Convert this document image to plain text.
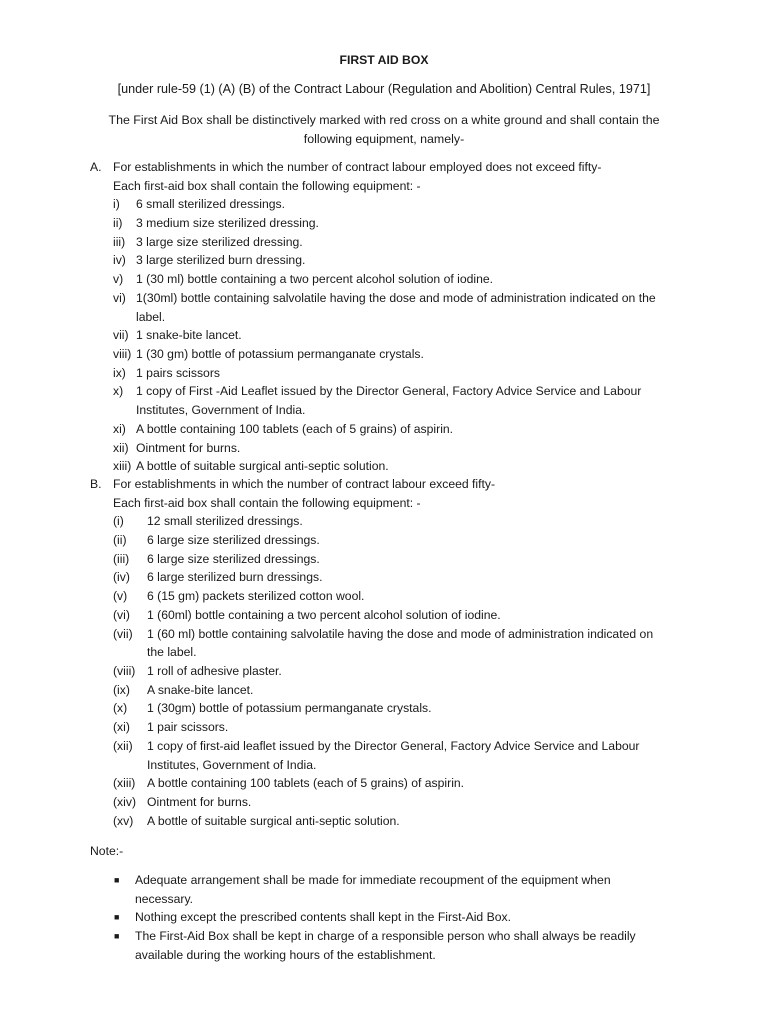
FIRST AID BOX
[under rule-59 (1) (A) (B) of the Contract Labour (Regulation and Abolition) Central Rules, 1971]
The First Aid Box shall be distinctively marked with red cross on a white ground and shall contain the following equipment, namely-
A. For establishments in which the number of contract labour employed does not exceed fifty-
Each first-aid box shall contain the following equipment: -
i) 6 small sterilized dressings.
ii) 3 medium size sterilized dressing.
iii) 3 large size sterilized dressing.
iv) 3 large sterilized burn dressing.
v) 1 (30 ml) bottle containing a two percent alcohol solution of iodine.
vi) 1(30ml) bottle containing salvolatile having the dose and mode of administration indicated on the label.
vii) 1 snake-bite lancet.
viii) 1 (30 gm) bottle of potassium permanganate crystals.
ix) 1 pairs scissors
x) 1 copy of First -Aid Leaflet issued by the Director General, Factory Advice Service and Labour Institutes, Government of India.
xi) A bottle containing 100 tablets (each of 5 grains) of aspirin.
xii) Ointment for burns.
xiii) A bottle of suitable surgical anti-septic solution.
B. For establishments in which the number of contract labour exceed fifty-
Each first-aid box shall contain the following equipment: -
(i) 12 small sterilized dressings.
(ii) 6 large size sterilized dressings.
(iii) 6 large size sterilized dressings.
(iv) 6 large sterilized burn dressings.
(v) 6 (15 gm) packets sterilized cotton wool.
(vi) 1 (60ml) bottle containing a two percent alcohol solution of iodine.
(vii) 1 (60 ml) bottle containing salvolatile having the dose and mode of administration indicated on the label.
(viii) 1 roll of adhesive plaster.
(ix) A snake-bite lancet.
(x) 1 (30gm) bottle of potassium permanganate crystals.
(xi) 1 pair scissors.
(xii) 1 copy of first-aid leaflet issued by the Director General, Factory Advice Service and Labour Institutes, Government of India.
(xiii) A bottle containing 100 tablets (each of 5 grains) of aspirin.
(xiv) Ointment for burns.
(xv) A bottle of suitable surgical anti-septic solution.
Note:-
■ Adequate arrangement shall be made for immediate recoupment of the equipment when necessary.
■ Nothing except the prescribed contents shall kept in the First-Aid Box.
■ The First-Aid Box shall be kept in charge of a responsible person who shall always be readily available during the working hours of the establishment.
